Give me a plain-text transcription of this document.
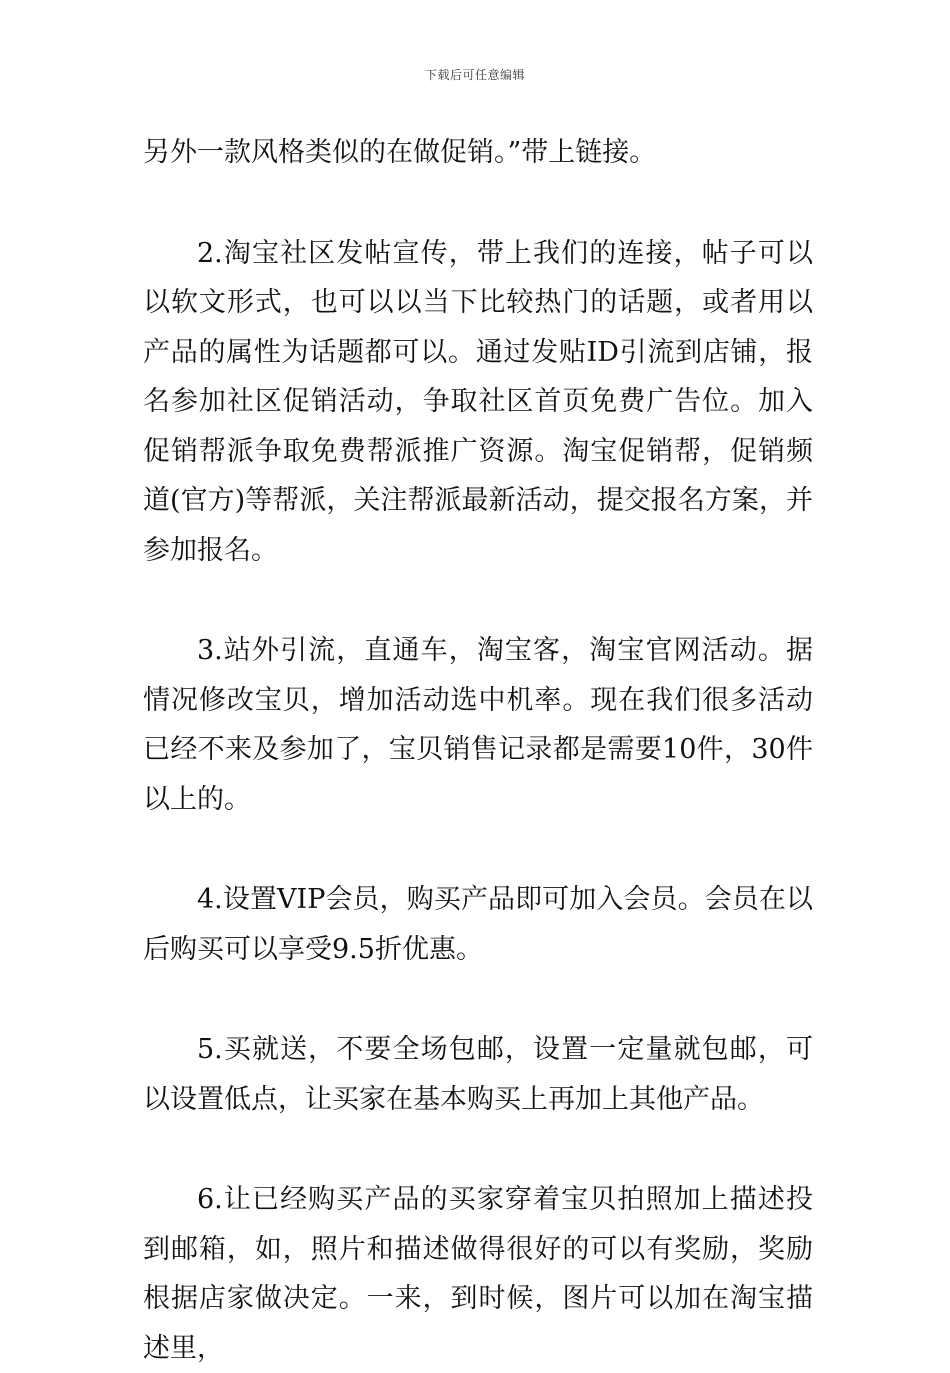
下载后可任意编辑

另外一款风格类似的在做促销。”带上链接。

2.淘宝社区发帖宣传，带上我们的连接，帖子可以以软文形式，也可以以当下比较热门的话题，或者用以产品的属性为话题都可以。通过发贴ID引流到店铺，报名参加社区促销活动，争取社区首页免费广告位。加入促销帮派争取免费帮派推广资源。淘宝促销帮，促销频道(官方)等帮派，关注帮派最新活动，提交报名方案，并参加报名。

3.站外引流，直通车，淘宝客，淘宝官网活动。据情况修改宝贝，增加活动选中机率。现在我们很多活动已经不来及参加了，宝贝销售记录都是需要10件，30件以上的。

4.设置VIP会员，购买产品即可加入会员。会员在以后购买可以享受9.5折优惠。

5.买就送，不要全场包邮，设置一定量就包邮，可以设置低点，让买家在基本购买上再加上其他产品。

6.让已经购买产品的买家穿着宝贝拍照加上描述投到邮箱，如，照片和描述做得很好的可以有奖励，奖励根据店家做决定。一来，到时候，图片可以加在淘宝描述里，
